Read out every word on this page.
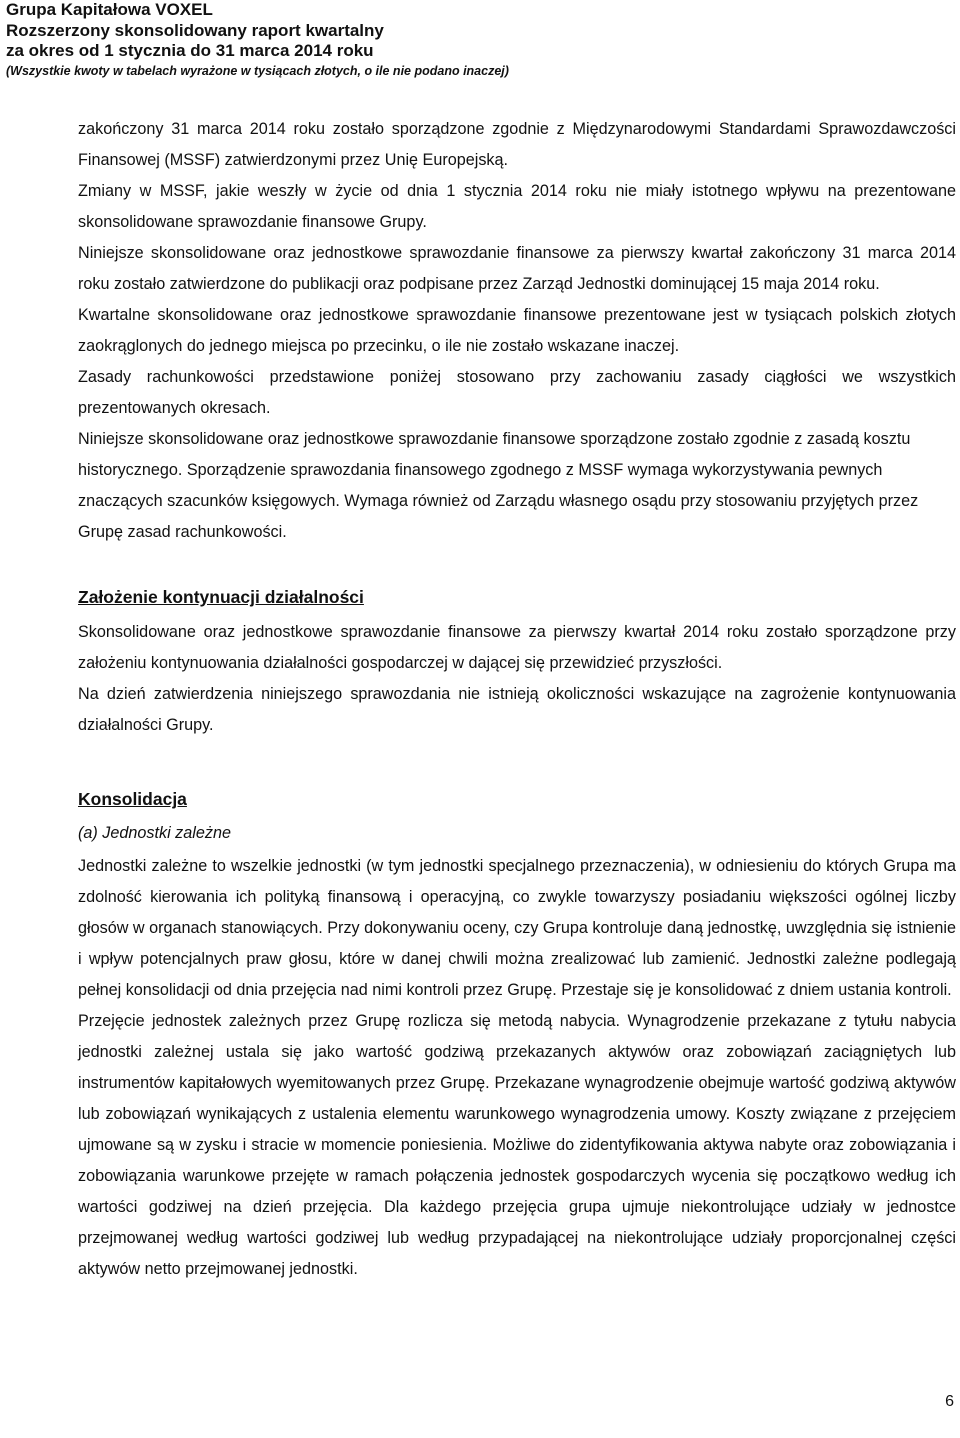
Grupa Kapitałowa VOXEL
Rozszerzony skonsolidowany raport kwartalny
za okres od 1 stycznia do 31 marca 2014 roku
(Wszystkie kwoty w tabelach wyrażone w tysiącach złotych, o ile nie podano inaczej)

zakończony 31 marca 2014 roku zostało sporządzone zgodnie z Międzynarodowymi Standardami Sprawozdawczości Finansowej (MSSF) zatwierdzonymi przez Unię Europejską.

Zmiany w MSSF, jakie weszły w życie od dnia 1 stycznia 2014 roku nie miały istotnego wpływu na prezentowane skonsolidowane sprawozdanie finansowe Grupy.

Niniejsze skonsolidowane oraz jednostkowe sprawozdanie finansowe za pierwszy kwartał zakończony 31 marca 2014 roku zostało zatwierdzone do publikacji oraz podpisane przez Zarząd Jednostki dominującej 15 maja 2014 roku.

Kwartalne skonsolidowane oraz jednostkowe sprawozdanie finansowe prezentowane jest w tysiącach polskich złotych zaokrąglonych do jednego miejsca po przecinku, o ile nie zostało wskazane inaczej.

Zasady rachunkowości przedstawione poniżej stosowano przy zachowaniu zasady ciągłości we wszystkich prezentowanych okresach.

Niniejsze skonsolidowane oraz jednostkowe sprawozdanie finansowe sporządzone zostało zgodnie z zasadą kosztu historycznego. Sporządzenie sprawozdania finansowego zgodnego z MSSF wymaga wykorzystywania pewnych znaczących szacunków księgowych. Wymaga również od Zarządu własnego osądu przy stosowaniu przyjętych przez Grupę zasad rachunkowości.

Założenie kontynuacji działalności

Skonsolidowane oraz jednostkowe sprawozdanie finansowe za pierwszy kwartał 2014 roku zostało sporządzone przy założeniu kontynuowania działalności gospodarczej w dającej się przewidzieć przyszłości.

Na dzień zatwierdzenia niniejszego sprawozdania nie istnieją okoliczności wskazujące na zagrożenie kontynuowania działalności Grupy.

Konsolidacja

(a) Jednostki zależne

Jednostki zależne to wszelkie jednostki (w tym jednostki specjalnego przeznaczenia), w odniesieniu do których Grupa ma zdolność kierowania ich polityką finansową i operacyjną, co zwykle towarzyszy posiadaniu większości ogólnej liczby głosów w organach stanowiących. Przy dokonywaniu oceny, czy Grupa kontroluje daną jednostkę, uwzględnia się istnienie i wpływ potencjalnych praw głosu, które w danej chwili można zrealizować lub zamienić. Jednostki zależne podlegają pełnej konsolidacji od dnia przejęcia nad nimi kontroli przez Grupę. Przestaje się je konsolidować z dniem ustania kontroli.

Przejęcie jednostek zależnych przez Grupę rozlicza się metodą nabycia. Wynagrodzenie przekazane z tytułu nabycia jednostki zależnej ustala się jako wartość godziwą przekazanych aktywów oraz zobowiązań zaciągniętych lub instrumentów kapitałowych wyemitowanych przez Grupę. Przekazane wynagrodzenie obejmuje wartość godziwą aktywów lub zobowiązań wynikających z ustalenia elementu warunkowego wynagrodzenia umowy. Koszty związane z przejęciem ujmowane są w zysku i stracie w momencie poniesienia. Możliwe do zidentyfikowania aktywa nabyte oraz zobowiązania i zobowiązania warunkowe przejęte w ramach połączenia jednostek gospodarczych wycenia się początkowo według ich wartości godziwej na dzień przejęcia. Dla każdego przejęcia grupa ujmuje niekontrolujące udziały w jednostce przejmowanej według wartości godziwej lub według przypadającej na niekontrolujące udziały proporcjonalnej części aktywów netto przejmowanej jednostki.

6
